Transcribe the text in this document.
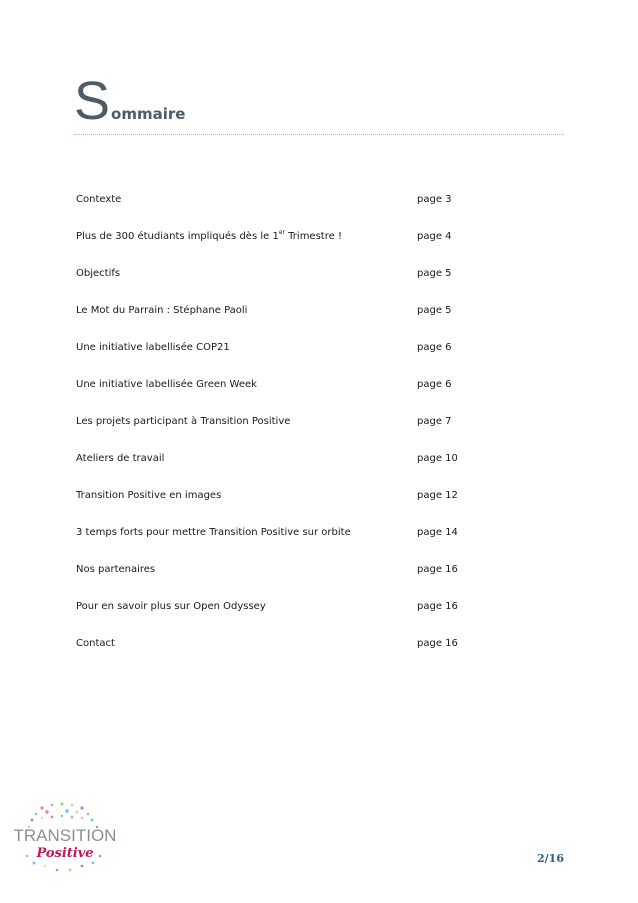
Sommaire
Contexte	page 3
Plus de 300 étudiants impliqués dès le 1er Trimestre !	page 4
Objectifs	page 5
Le Mot du Parrain : Stéphane Paoli	page 5
Une initiative labellisée COP21	page 6
Une initiative labellisée Green Week	page 6
Les projets participant à Transition Positive	page 7
Ateliers de travail	page 10
Transition Positive en images	page 12
3 temps forts pour mettre Transition Positive sur orbite	page 14
Nos partenaires	page 16
Pour en savoir plus sur Open Odyssey	page 16
Contact	page 16
TRANSITION
Positive	2/16
